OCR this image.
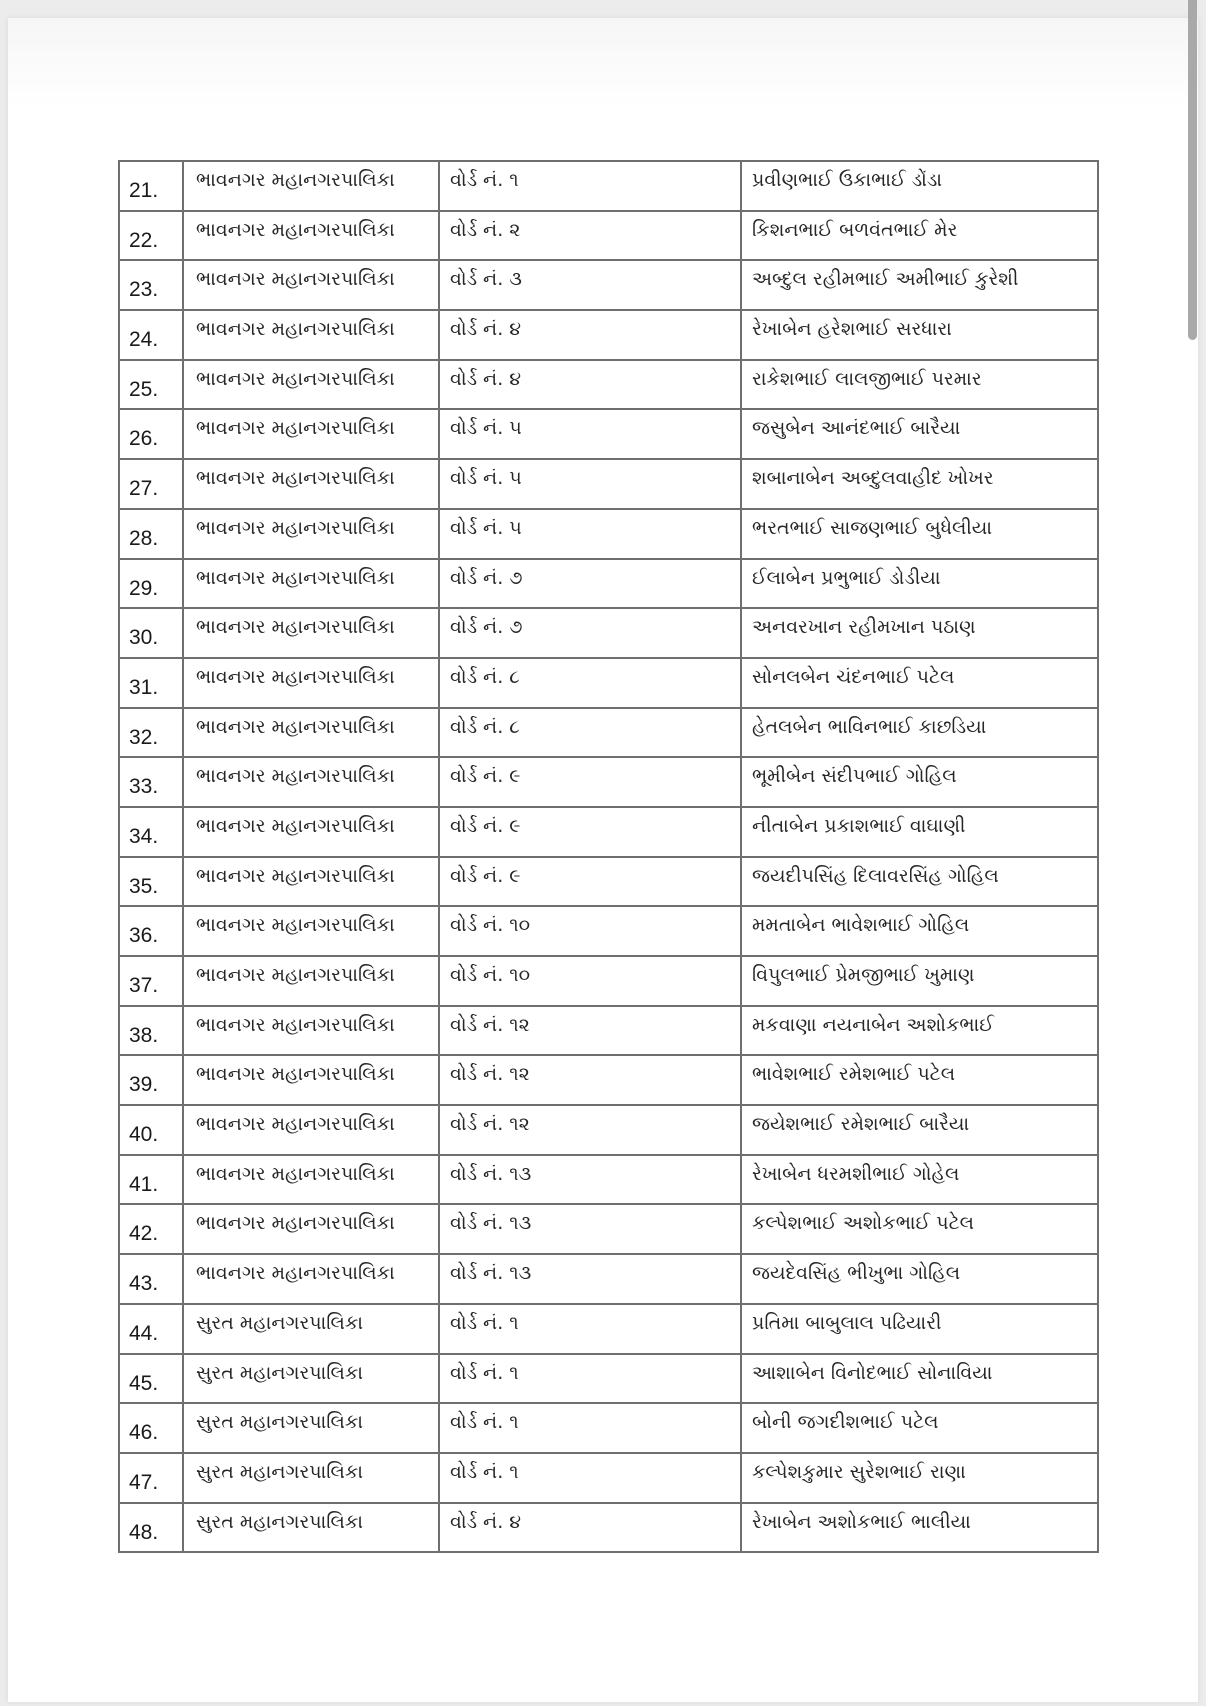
21.	ભાવનગર મહાનગરપાલિકા	વોર્ડ નં. ૧	પ્રવીણભાઈ ઉકાભાઈ ડોંડા

22.	ભાવનગર મહાનગરપાલિકા	વોર્ડ નં. ૨	કિશનભાઈ બળવંતભાઈ મેર

23.	ભાવનગર મહાનગરપાલિકા	વોર્ડ નં. ૩	અબ્દુલ રહીમભાઈ અમીભાઈ કુરેશી

24.	ભાવનગર મહાનગરપાલિકા	વોર્ડ નં. ૪	રેખાબેન હરેશભાઈ સરધારા

25.	ભાવનગર મહાનગરપાલિકા	વોર્ડ નં. ૪	રાકેશભાઈ લાલજીભાઈ પરમાર

26.	ભાવનગર મહાનગરપાલિકા	વોર્ડ નં. ૫	જસુબેન આનંદભાઈ બારૈયા

27.	ભાવનગર મહાનગરપાલિકા	વોર્ડ નં. ૫	શબાનાબેન અબ્દુલવાહીદ ખોખર

28.	ભાવનગર મહાનગરપાલિકા	વોર્ડ નં. ૫	ભરતભાઈ સાજણભાઈ બુધેલીયા

29.	ભાવનગર મહાનગરપાલિકા	વોર્ડ નં. ૭	ઈલાબેન પ્રભુભાઈ ડોડીયા

30.	ભાવનગર મહાનગરપાલિકા	વોર્ડ નં. ૭	અનવરખાન રહીમખાન પઠાણ

31.	ભાવનગર મહાનગરપાલિકા	વોર્ડ નં. ૮	સોનલબેન ચંદનભાઈ પટેલ

32.	ભાવનગર મહાનગરપાલિકા	વોર્ડ નં. ૮	હેતલબેન ભાવિનભાઈ કાછડિયા

33.	ભાવનગર મહાનગરપાલિકા	વોર્ડ નં. ૯	ભૂમીબેન સંદીપભાઈ ગોહિલ

34.	ભાવનગર મહાનગરપાલિકા	વોર્ડ નં. ૯	નીતાબેન પ્રકાશભાઈ વાઘાણી

35.	ભાવનગર મહાનગરપાલિકા	વોર્ડ નં. ૯	જયદીપસિંહ દિલાવરસિંહ ગોહિલ

36.	ભાવનગર મહાનગરપાલિકા	વોર્ડ નં. ૧૦	મમતાબેન ભાવેશભાઈ ગોહિલ

37.	ભાવનગર મહાનગરપાલિકા	વોર્ડ નં. ૧૦	વિપુલભાઈ પ્રેમજીભાઈ ખુમાણ

38.	ભાવનગર મહાનગરપાલિકા	વોર્ડ નં. ૧૨	મકવાણા નયનાબેન અશોકભાઈ

39.	ભાવનગર મહાનગરપાલિકા	વોર્ડ નં. ૧૨	ભાવેશભાઈ રમેશભાઈ પટેલ

40.	ભાવનગર મહાનગરપાલિકા	વોર્ડ નં. ૧૨	જયેશભાઈ રમેશભાઈ બારૈયા

41.	ભાવનગર મહાનગરપાલિકા	વોર્ડ નં. ૧૩	રેખાબેન ધરમશીભાઈ ગોહેલ

42.	ભાવનગર મહાનગરપાલિકા	વોર્ડ નં. ૧૩	કલ્પેશભાઈ અશોકભાઈ પટેલ

43.	ભાવનગર મહાનગરપાલિકા	વોર્ડ નં. ૧૩	જયદેવસિંહ ભીખુભા ગોહિલ

44.	સુરત મહાનગરપાલિકા	વોર્ડ નં. ૧	પ્રતિમા બાબુલાલ પઢિયારી

45.	સુરત મહાનગરપાલિકા	વોર્ડ નં. ૧	આશાબેન વિનોદભાઈ સોનાવિયા

46.	સુરત મહાનગરપાલિકા	વોર્ડ નં. ૧	બોની જગદીશભાઈ પટેલ

47.	સુરત મહાનગરપાલિકા	વોર્ડ નં. ૧	કલ્પેશકુમાર સુરેશભાઈ રાણા

48.	સુરત મહાનગરપાલિકા	વોર્ડ નં. ૪	રેખાબેન અશોકભાઈ ભાલીયા
